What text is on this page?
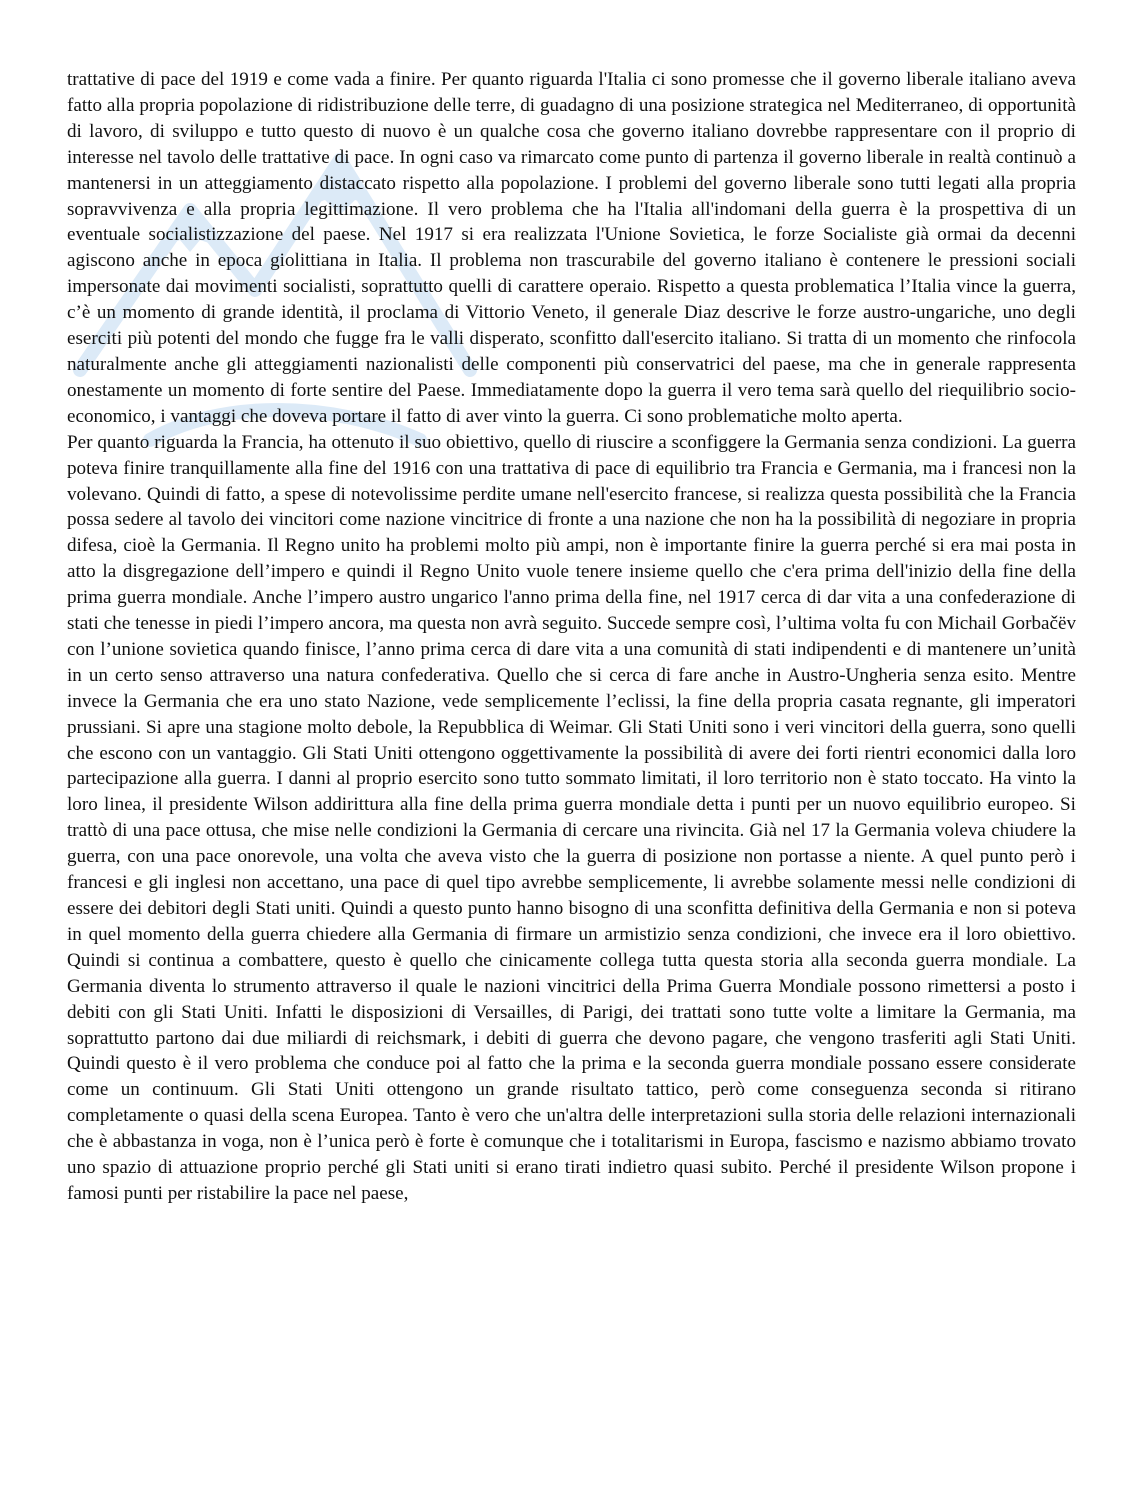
trattative di pace del 1919 e come vada a finire. Per quanto riguarda l'Italia ci sono promesse che il governo liberale italiano aveva fatto alla propria popolazione di ridistribuzione delle terre, di guadagno di una posizione strategica nel Mediterraneo, di opportunità di lavoro, di sviluppo e tutto questo di nuovo è un qualche cosa che governo italiano dovrebbe rappresentare con il proprio di interesse nel tavolo delle trattative di pace. In ogni caso va rimarcato come punto di partenza il governo liberale in realtà continuò a mantenersi in un atteggiamento distaccato rispetto alla popolazione. I problemi del governo liberale sono tutti legati alla propria sopravvivenza e alla propria legittimazione. Il vero problema che ha l'Italia all'indomani della guerra è la prospettiva di un eventuale socialistizzazione del paese. Nel 1917 si era realizzata l'Unione Sovietica, le forze Socialiste già ormai da decenni agiscono anche in epoca giolittiana in Italia. Il problema non trascurabile del governo italiano è contenere le pressioni sociali impersonate dai movimenti socialisti, soprattutto quelli di carattere operaio. Rispetto a questa problematica l’Italia vince la guerra, c’è un momento di grande identità, il proclama di Vittorio Veneto, il generale Diaz descrive le forze austro-ungariche, uno degli eserciti più potenti del mondo che fugge fra le valli disperato, sconfitto dall'esercito italiano. Si tratta di un momento che rinfocola naturalmente anche gli atteggiamenti nazionalisti delle componenti più conservatrici del paese, ma che in generale rappresenta onestamente un momento di forte sentire del Paese. Immediatamente dopo la guerra il vero tema sarà quello del riequilibrio socio-economico, i vantaggi che doveva portare il fatto di aver vinto la guerra. Ci sono problematiche molto aperta.

Per quanto riguarda la Francia, ha ottenuto il suo obiettivo, quello di riuscire a sconfiggere la Germania senza condizioni. La guerra poteva finire tranquillamente alla fine del 1916 con una trattativa di pace di equilibrio tra Francia e Germania, ma i francesi non la volevano. Quindi di fatto, a spese di notevolissime perdite umane nell'esercito francese, si realizza questa possibilità che la Francia possa sedere al tavolo dei vincitori come nazione vincitrice di fronte a una nazione che non ha la possibilità di negoziare in propria difesa, cioè la Germania. Il Regno unito ha problemi molto più ampi, non è importante finire la guerra perché si era mai posta in atto la disgregazione dell’impero e quindi il Regno Unito vuole tenere insieme quello che c'era prima dell'inizio della fine della prima guerra mondiale. Anche l’impero austro ungarico l'anno prima della fine, nel 1917 cerca di dar vita a una confederazione di stati che tenesse in piedi l’impero ancora, ma questa non avrà seguito. Succede sempre così, l’ultima volta fu con Michail Gorbačëv con l’unione sovietica quando finisce, l’anno prima cerca di dare vita a una comunità di stati indipendenti e di mantenere un’unità in un certo senso attraverso una natura confederativa. Quello che si cerca di fare anche in Austro-Ungheria senza esito. Mentre invece la Germania che era uno stato Nazione, vede semplicemente l’eclissi, la fine della propria casata regnante, gli imperatori prussiani. Si apre una stagione molto debole, la Repubblica di Weimar. Gli Stati Uniti sono i veri vincitori della guerra, sono quelli che escono con un vantaggio. Gli Stati Uniti ottengono oggettivamente la possibilità di avere dei forti rientri economici dalla loro partecipazione alla guerra. I danni al proprio esercito sono tutto sommato limitati, il loro territorio non è stato toccato. Ha vinto la loro linea, il presidente Wilson addirittura alla fine della prima guerra mondiale detta i punti per un nuovo equilibrio europeo. Si trattò di una pace ottusa, che mise nelle condizioni la Germania di cercare una rivincita. Già nel 17 la Germania voleva chiudere la guerra, con una pace onorevole, una volta che aveva visto che la guerra di posizione non portasse a niente. A quel punto però i francesi e gli inglesi non accettano, una pace di quel tipo avrebbe semplicemente, li avrebbe solamente messi nelle condizioni di essere dei debitori degli Stati uniti. Quindi a questo punto hanno bisogno di una sconfitta definitiva della Germania e non si poteva in quel momento della guerra chiedere alla Germania di firmare un armistizio senza condizioni, che invece era il loro obiettivo. Quindi si continua a combattere, questo è quello che cinicamente collega tutta questa storia alla seconda guerra mondiale. La Germania diventa lo strumento attraverso il quale le nazioni vincitrici della Prima Guerra Mondiale possono rimettersi a posto i debiti con gli Stati Uniti. Infatti le disposizioni di Versailles, di Parigi, dei trattati sono tutte volte a limitare la Germania, ma soprattutto partono dai due miliardi di reichsmark, i debiti di guerra che devono pagare, che vengono trasferiti agli Stati Uniti. Quindi questo è il vero problema che conduce poi al fatto che la prima e la seconda guerra mondiale possano essere considerate come un continuum. Gli Stati Uniti ottengono un grande risultato tattico, però come conseguenza seconda si ritirano completamente o quasi della scena Europea. Tanto è vero che un'altra delle interpretazioni sulla storia delle relazioni internazionali che è abbastanza in voga, non è l’unica però è forte è comunque che i totalitarismi in Europa, fascismo e nazismo abbiamo trovato uno spazio di attuazione proprio perché gli Stati uniti si erano tirati indietro quasi subito. Perché il presidente Wilson propone i famosi punti per ristabilire la pace nel paese,
